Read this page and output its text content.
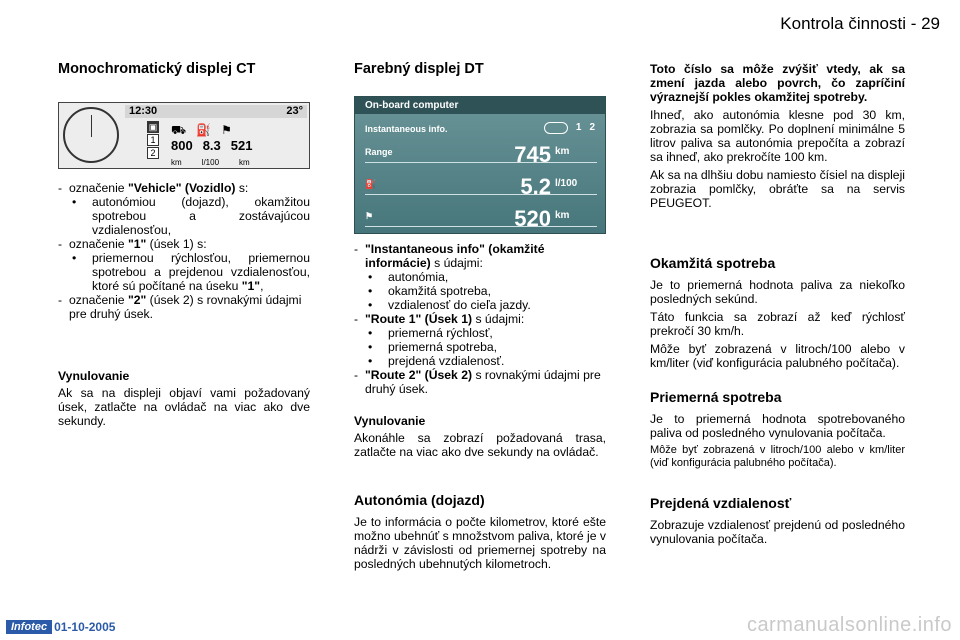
Kontrola činnosti - 29
Monochromatický displej CT
12:30	23°
▣
1
2
⛟ ⛽ ⚑
800 8.3 521
km	l/100	km
- označenie "Vehicle" (Vozidlo) s:
• autonómiou (dojazd), okamžitou spotrebou a zostávajúcou vzdialenosťou,
- označenie "1" (úsek 1) s:
• priemernou rýchlosťou, priemernou spotrebou a prejdenou vzdialenosťou, ktoré sú počítané na úseku "1",
- označenie "2" (úsek 2) s rovnakými údajmi pre druhý úsek.
Vynulovanie
Ak sa na displeji objaví vami požadovaný úsek, zatlačte na ovládač na viac ako dve sekundy.
Farebný displej DT
On-board computer
Instantaneous info.	1 2
Range	745 km
⛽	5.2 l/100
⚑	520 km
- "Instantaneous info" (okamžité informácie) s údajmi:
• autonómia,
• okamžitá spotreba,
• vzdialenosť do cieľa jazdy.
- "Route 1" (Úsek 1) s údajmi:
• priemerná rýchlosť,
• priemerná spotreba,
• prejdená vzdialenosť.
- "Route 2" (Úsek 2) s rovnakými údajmi pre druhý úsek.
Vynulovanie
Akonáhle sa zobrazí požadovaná trasa, zatlačte na viac ako dve sekundy na ovládač.
Autonómia (dojazd)
Je to informácia o počte kilometrov, ktoré ešte možno ubehnúť s množstvom paliva, ktoré je v nádrži v závislosti od priemernej spotreby na posledných ubehnutých kilometroch.
Toto číslo sa môže zvýšiť vtedy, ak sa zmení jazda alebo povrch, čo zapríčiní výraznejší pokles okamžitej spotreby.
Ihneď, ako autonómia klesne pod 30 km, zobrazia sa pomlčky. Po doplnení minimálne 5 litrov paliva sa autonómia prepočíta a zobrazí sa ihneď, ako prekročíte 100 km.
Ak sa na dlhšiu dobu namiesto čísiel na displeji zobrazia pomlčky, obráťte sa na servis PEUGEOT.
Okamžitá spotreba
Je to priemerná hodnota paliva za niekoľko posledných sekúnd.
Táto funkcia sa zobrazí až keď rýchlosť prekročí 30 km/h.
Môže byť zobrazená v litroch/100 alebo v km/liter (viď konfigurácia palubného počítača).
Priemerná spotreba
Je to priemerná hodnota spotrebovaného paliva od posledného vynulovania počítača.
Môže byť zobrazená v litroch/100 alebo v km/liter (viď konfigurácia palubného počítača).
Prejdená vzdialenosť
Zobrazuje vzdialenosť prejdenú od posledného vynulovania počítača.
Infotec 01-10-2005	carmanualsonline.info
